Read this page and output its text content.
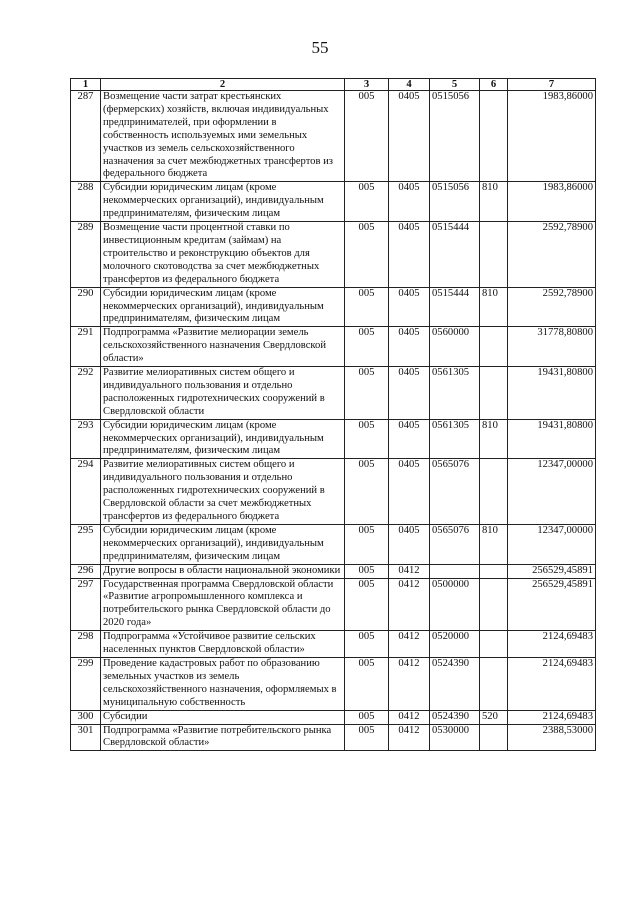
55
1	2	3	4	5	6	7
287	Возмещение части затрат крестьянских (фермерских) хозяйств, включая индивидуальных предпринимателей, при оформлении в собственность используемых ими земельных участков из земель сельскохозяйственного назначения за счет межбюджетных трансфертов из федерального бюджета	005	0405	0515056		1983,86000
288	Субсидии юридическим лицам (кроме некоммерческих организаций), индивидуальным предпринимателям, физическим лицам	005	0405	0515056	810	1983,86000
289	Возмещение части процентной ставки по инвестиционным кредитам (займам) на строительство и реконструкцию объектов для молочного скотоводства за счет межбюджетных трансфертов из федерального бюджета	005	0405	0515444		2592,78900
290	Субсидии юридическим лицам (кроме некоммерческих организаций), индивидуальным предпринимателям, физическим лицам	005	0405	0515444	810	2592,78900
291	Подпрограмма «Развитие мелиорации земель сельскохозяйственного назначения Свердловской области»	005	0405	0560000		31778,80800
292	Развитие мелиоративных систем общего и индивидуального пользования и отдельно расположенных гидротехнических сооружений в Свердловской области	005	0405	0561305		19431,80800
293	Субсидии юридическим лицам (кроме некоммерческих организаций), индивидуальным предпринимателям, физическим лицам	005	0405	0561305	810	19431,80800
294	Развитие мелиоративных систем общего и индивидуального пользования и отдельно расположенных гидротехнических сооружений в Свердловской области за счет межбюджетных трансфертов из федерального бюджета	005	0405	0565076		12347,00000
295	Субсидии юридическим лицам (кроме некоммерческих организаций), индивидуальным предпринимателям, физическим лицам	005	0405	0565076	810	12347,00000
296	Другие вопросы в области национальной экономики	005	0412			256529,45891
297	Государственная программа Свердловской области «Развитие агропромышленного комплекса и потребительского рынка Свердловской области до 2020 года»	005	0412	0500000		256529,45891
298	Подпрограмма «Устойчивое развитие сельских населенных пунктов Свердловской области»	005	0412	0520000		2124,69483
299	Проведение кадастровых работ по образованию земельных участков из земель сельскохозяйственного назначения, оформляемых в муниципальную собственность	005	0412	0524390		2124,69483
300	Субсидии	005	0412	0524390	520	2124,69483
301	Подпрограмма «Развитие потребительского рынка Свердловской области»	005	0412	0530000		2388,53000
